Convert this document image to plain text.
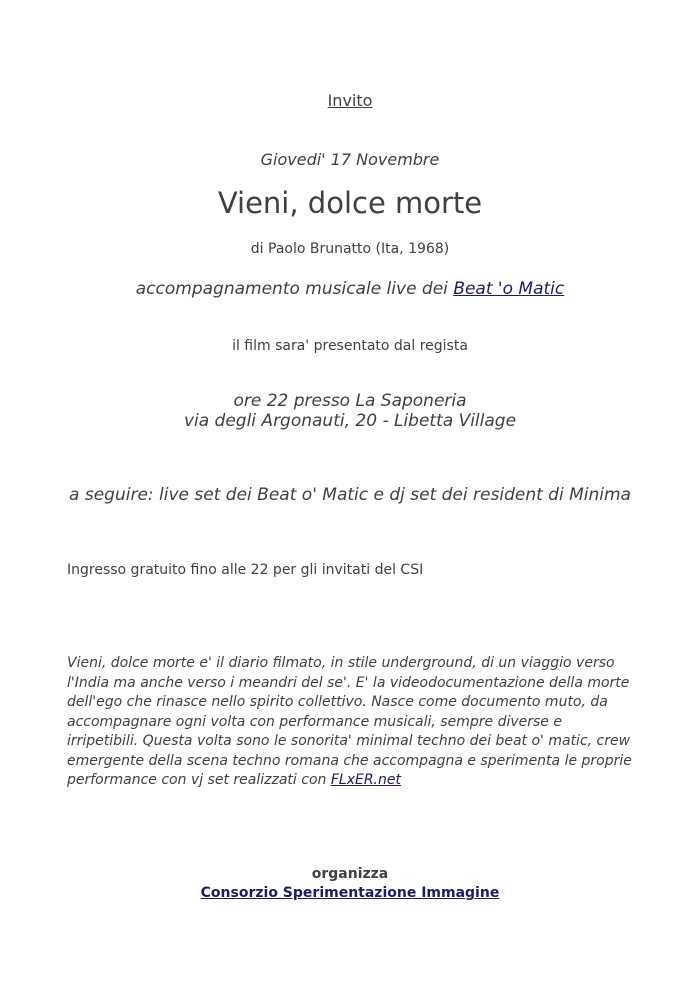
Invito
Giovedi' 17 Novembre
Vieni, dolce morte
di Paolo Brunatto (Ita, 1968)
accompagnamento musicale live dei Beat 'o Matic
il film sara' presentato dal regista
ore 22 presso La Saponeria
via degli Argonauti, 20 - Libetta Village
a seguire: live set dei Beat o' Matic e dj set dei resident di Minima
Ingresso gratuito fino alle 22 per gli invitati del CSI
Vieni, dolce morte e' il diario filmato, in stile underground, di un viaggio verso l'India ma anche verso i meandri del se'. E' la videodocumentazione della morte dell'ego che rinasce nello spirito collettivo. Nasce come documento muto, da accompagnare ogni volta con performance musicali, sempre diverse e irripetibili. Questa volta sono le sonorita' minimal techno dei beat o' matic, crew emergente della scena techno romana che accompagna e sperimenta le proprie performance con vj set realizzati con FLxER.net
organizza
Consorzio Sperimentazione Immagine
